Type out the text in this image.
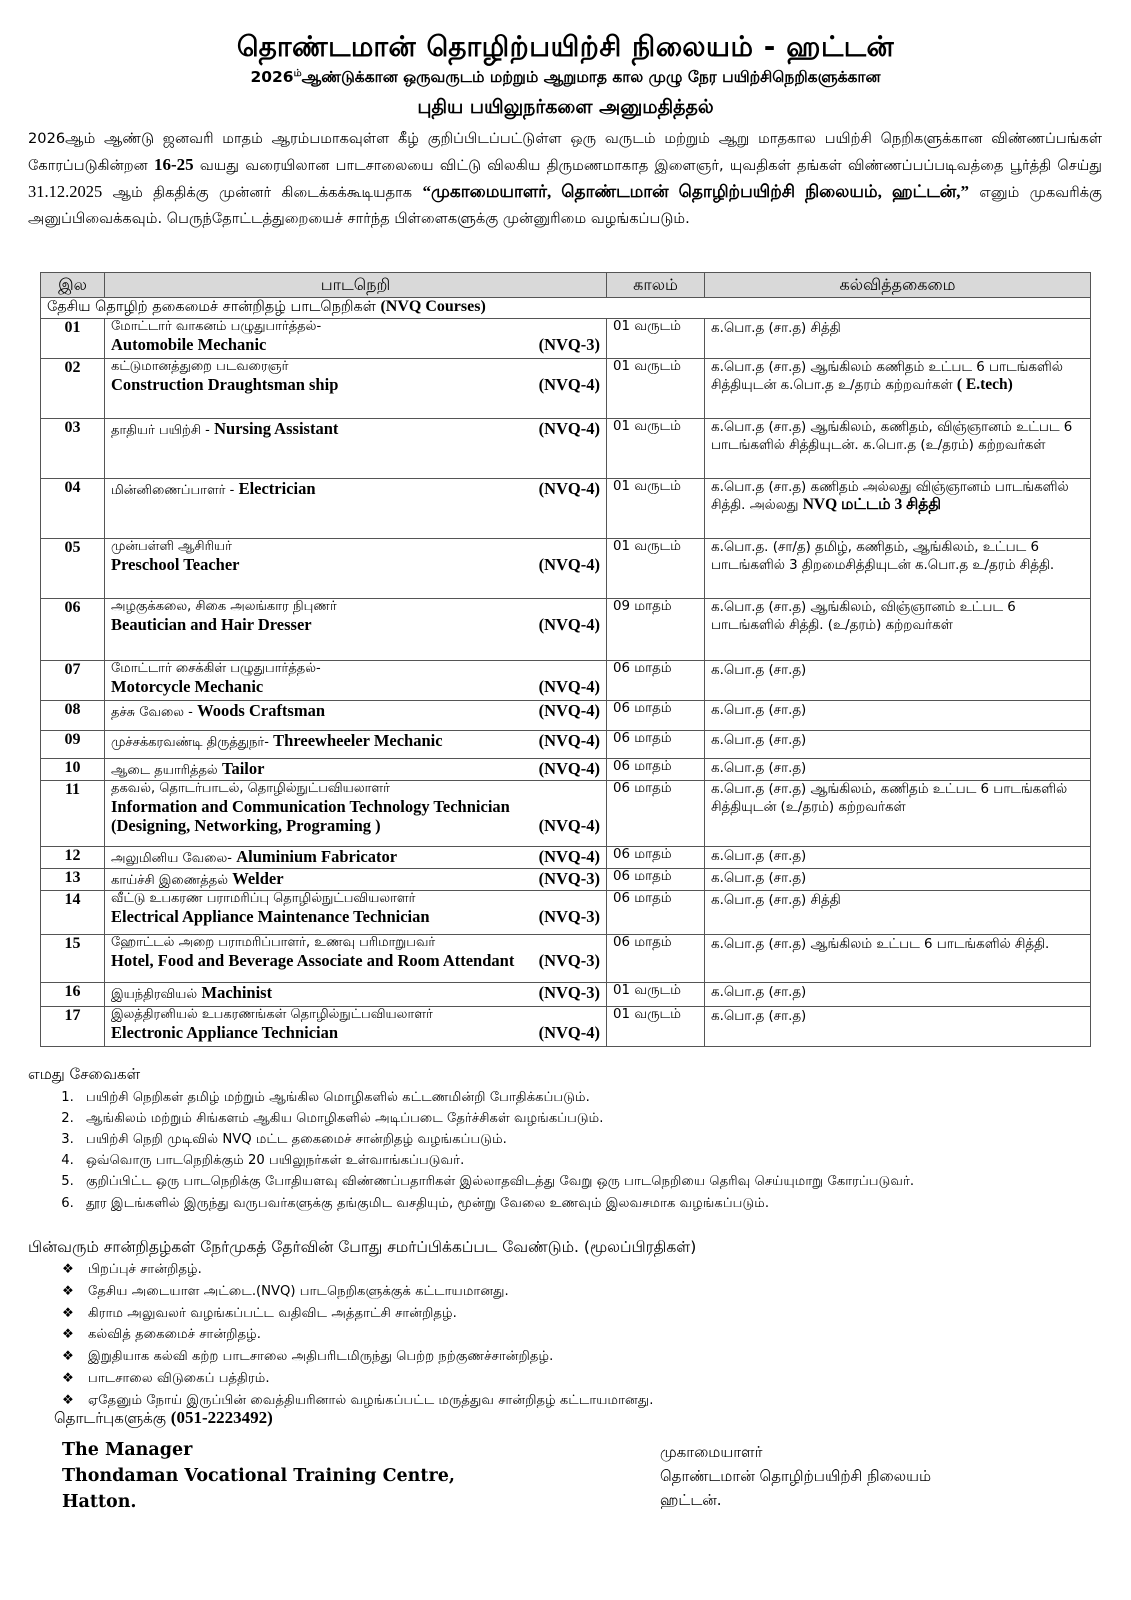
தொண்டமான் தொழிற்பயிற்சி நிலையம் - ஹட்டன்
$2026^{ம்}ஆண்டுக்கான$ ஒருவருடம் மற்றும் ஆறுமாத கால முழு நேர பயிற்சிநெறிகளுக்கான
புதிய பயிலுநர்களை அனுமதித்தல்
2026ஆம் ஆண்டு ஜனவரி மாதம் ஆரம்பமாகவுள்ள கீழ் குறிப்பிடப்பட்டுள்ள ஒரு வருடம் மற்றும் ஆறு மாதகால பயிற்சி நெறிகளுக்கான விண்ணப்பங்கள் கோரப்படுகின்றன 16-25 வயது வரையிலான பாடசாலையை விட்டு விலகிய திருமணமாகாத இளைஞர், யுவதிகள் தங்கள் விண்ணப்பப்படிவத்தை பூர்த்தி செய்து 31.12.2025 ஆம் திகதிக்கு முன்னர் கிடைக்கக்கூடியதாக “முகாமையாளர், தொண்டமான் தொழிற்பயிற்சி நிலையம், ஹட்டன்,” எனும் முகவரிக்கு அனுப்பிவைக்கவும். பெருந்தோட்டத்துறையைச் சார்ந்த பிள்ளைகளுக்கு முன்னுரிமை வழங்கப்படும்.
இல	பாடநெறி	காலம்	கல்வித்தகைமை
தேசிய தொழிற் தகைமைச் சான்றிதழ் பாடநெறிகள் (NVQ Courses)			
01	மோட்டார் வாகனம் பழுதுபார்த்தல்-
Automobile Mechanic (NVQ-3)	01 வருடம்	க.பொ.த (சா.த) சித்தி
02	கட்டுமானத்துறை படவரைஞர்
Construction Draughtsman ship (NVQ-4)	01 வருடம்	க.பொ.த (சா.த) ஆங்கிலம் கணிதம் உட்பட 6 பாடங்களில் சித்தியுடன் க.பொ.த உ/தரம் கற்றவர்கள் ( E.tech)
03	தாதியர் பயிற்சி - Nursing Assistant (NVQ-4)	01 வருடம்	க.பொ.த (சா.த) ஆங்கிலம், கணிதம், விஞ்ஞானம் உட்பட 6 பாடங்களில் சித்தியுடன். க.பொ.த (உ/தரம்) கற்றவர்கள்
04	மின்னிணைப்பாளர் - Electrician (NVQ-4)	01 வருடம்	க.பொ.த (சா.த) கணிதம் அல்லது விஞ்ஞானம் பாடங்களில் சித்தி. அல்லது NVQ மட்டம் 3 சித்தி
05	முன்பள்ளி ஆசிரியர்
Preschool Teacher (NVQ-4)	01 வருடம்	க.பொ.த. (சா/த) தமிழ், கணிதம், ஆங்கிலம், உட்பட 6 பாடங்களில் 3 திறமைசித்தியுடன் க.பொ.த உ/தரம் சித்தி.
06	அழகுக்கலை, சிகை அலங்கார நிபுணர்
Beautician and Hair Dresser (NVQ-4)	09 மாதம்	க.பொ.த (சா.த) ஆங்கிலம், விஞ்ஞானம் உட்பட 6 பாடங்களில் சித்தி. (உ/தரம்) கற்றவர்கள்
07	மோட்டார் சைக்கிள் பழுதுபார்த்தல்-
Motorcycle Mechanic (NVQ-4)	06 மாதம்	க.பொ.த (சா.த)
08	தச்சு வேலை - Woods Craftsman (NVQ-4)	06 மாதம்	க.பொ.த (சா.த)
09	முச்சக்கரவண்டி திருத்துநர்- Threewheeler Mechanic (NVQ-4)	06 மாதம்	க.பொ.த (சா.த)
10	ஆடை தயாரித்தல் Tailor (NVQ-4)	06 மாதம்	க.பொ.த (சா.த)
11	தகவல், தொடர்பாடல், தொழில்நுட்பவியலாளர்
Information and Communication Technology Technician
(Designing, Networking, Programing ) (NVQ-4)	06 மாதம்	க.பொ.த (சா.த) ஆங்கிலம், கணிதம் உட்பட 6 பாடங்களில் சித்தியுடன் (உ/தரம்) கற்றவர்கள்
12	அலுமினிய வேலை- Aluminium Fabricator (NVQ-4)	06 மாதம்	க.பொ.த (சா.த)
13	காய்ச்சி இணைத்தல் Welder (NVQ-3)	06 மாதம்	க.பொ.த (சா.த)
14	வீட்டு உபகரண பராமரிப்பு தொழில்நுட்பவியலாளர்
Electrical Appliance Maintenance Technician (NVQ-3)	06 மாதம்	க.பொ.த (சா.த) சித்தி
15	ஹோட்டல் அறை பராமரிப்பாளர், உணவு பரிமாறுபவர்
Hotel, Food and Beverage Associate and Room Attendant (NVQ-3)	06 மாதம்	க.பொ.த (சா.த) ஆங்கிலம் உட்பட 6 பாடங்களில் சித்தி.
16	இயந்திரவியல் Machinist (NVQ-3)	01 வருடம்	க.பொ.த (சா.த)
17	இலத்திரனியல் உபகரணங்கள் தொழில்நுட்பவியலாளர்
Electronic Appliance Technician (NVQ-4)	01 வருடம்	க.பொ.த (சா.த)
எமது சேவைகள்
1. பயிற்சி நெறிகள் தமிழ் மற்றும் ஆங்கில மொழிகளில் கட்டணமின்றி போதிக்கப்படும்.
2. ஆங்கிலம் மற்றும் சிங்களம் ஆகிய மொழிகளில் அடிப்படை தேர்ச்சிகள் வழங்கப்படும்.
3. பயிற்சி நெறி முடிவில் NVQ மட்ட தகைமைச் சான்றிதழ் வழங்கப்படும்.
4. ஒவ்வொரு பாடநெறிக்கும் 20 பயிலுநர்கள் உள்வாங்கப்படுவர்.
5. குறிப்பிட்ட ஒரு பாடநெறிக்கு போதியளவு விண்ணப்பதாரிகள் இல்லாதவிடத்து வேறு ஒரு பாடநெறியை தெரிவு செய்யுமாறு கோரப்படுவர்.
6. தூர இடங்களில் இருந்து வருபவர்களுக்கு தங்குமிட வசதியும், மூன்று வேலை உணவும் இலவசமாக வழங்கப்படும்.
பின்வரும் சான்றிதழ்கள் நேர்முகத் தேர்வின் போது சமர்ப்பிக்கப்பட வேண்டும். (மூலப்பிரதிகள்)
❖ பிறப்புச் சான்றிதழ்.
❖ தேசிய அடையாள அட்டை.(NVQ) பாடநெறிகளுக்குக் கட்டாயமானது.
❖ கிராம அலுவலர் வழங்கப்பட்ட வதிவிட அத்தாட்சி சான்றிதழ்.
❖ கல்வித் தகைமைச் சான்றிதழ்.
❖ இறுதியாக கல்வி கற்ற பாடசாலை அதிபரிடமிருந்து பெற்ற நற்குணச்சான்றிதழ்.
❖ பாடசாலை விடுகைப் பத்திரம்.
❖ ஏதேனும் நோய் இருப்பின் வைத்தியரினால் வழங்கப்பட்ட மருத்துவ சான்றிதழ் கட்டாயமானது.
தொடர்புகளுக்கு (051-2223492)
The Manager
Thondaman Vocational Training Centre,
Hatton.
முகாமையாளர்
தொண்டமான் தொழிற்பயிற்சி நிலையம்
ஹட்டன்.
